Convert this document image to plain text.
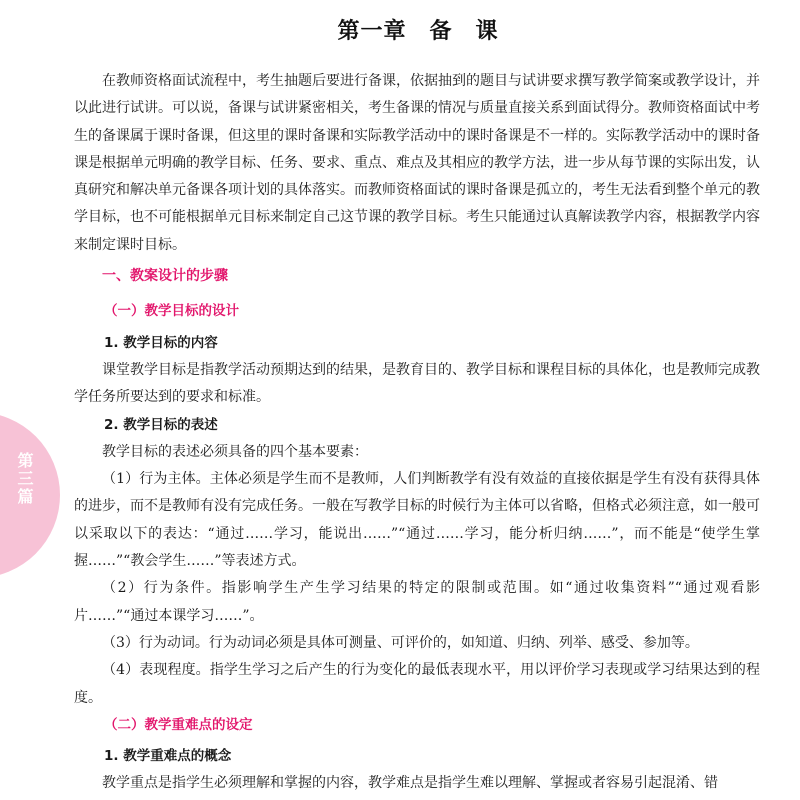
第三篇
第一章　备　课

在教师资格面试流程中，考生抽题后要进行备课，依据抽到的题目与试讲要求撰写教学简案或教学设计，并以此进行试讲。可以说，备课与试讲紧密相关，考生备课的情况与质量直接关系到面试得分。教师资格面试中考生的备课属于课时备课，但这里的课时备课和实际教学活动中的课时备课是不一样的。实际教学活动中的课时备课是根据单元明确的教学目标、任务、要求、重点、难点及其相应的教学方法，进一步从每节课的实际出发，认真研究和解决单元备课各项计划的具体落实。而教师资格面试的课时备课是孤立的，考生无法看到整个单元的教学目标，也不可能根据单元目标来制定自己这节课的教学目标。考生只能通过认真解读教学内容，根据教学内容来制定课时目标。

一、教案设计的步骤
（一）教学目标的设计
1. 教学目标的内容

课堂教学目标是指教学活动预期达到的结果，是教育目的、教学目标和课程目标的具体化，也是教师完成教学任务所要达到的要求和标准。

2. 教学目标的表述

教学目标的表述必须具备的四个基本要素：

（1）行为主体。主体必须是学生而不是教师，人们判断教学有没有效益的直接依据是学生有没有获得具体的进步，而不是教师有没有完成任务。一般在写教学目标的时候行为主体可以省略，但格式必须注意，如一般可以采取以下的表达：“通过……学习，能说出……”“通过……学习，能分析归纳……”，而不能是“使学生掌握……”“教会学生……”等表述方式。

（2）行为条件。指影响学生产生学习结果的特定的限制或范围。如“通过收集资料”“通过观看影片……”“通过本课学习……”。

（3）行为动词。行为动词必须是具体可测量、可评价的，如知道、归纳、列举、感受、参加等。

（4）表现程度。指学生学习之后产生的行为变化的最低表现水平，用以评价学习表现或学习结果达到的程度。

（二）教学重难点的设定
1. 教学重难点的概念

教学重点是指学生必须理解和掌握的内容，教学难点是指学生难以理解、掌握或者容易引起混淆、错
